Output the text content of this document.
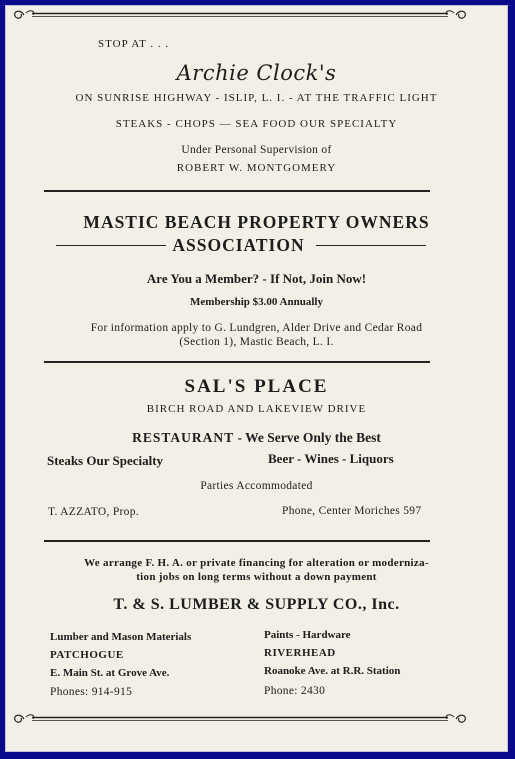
STOP AT . . .
Archie Clock's
ON SUNRISE HIGHWAY - ISLIP, L. I. - AT THE TRAFFIC LIGHT
STEAKS - CHOPS — SEA FOOD OUR SPECIALTY
Under Personal Supervision of
ROBERT W. MONTGOMERY
MASTIC BEACH PROPERTY OWNERS
ASSOCIATION
Are You a Member? - If Not, Join Now!
Membership $3.00 Annually
For information apply to G. Lundgren, Alder Drive and Cedar Road
(Section 1), Mastic Beach, L. I.
SAL'S PLACE
BIRCH ROAD AND LAKEVIEW DRIVE
RESTAURANT - We Serve Only the Best
Steaks Our Specialty	Beer - Wines - Liquors
Parties Accommodated
T. AZZATO, Prop.	Phone, Center Moriches 597
We arrange F. H. A. or private financing for alteration or moderniza-
tion jobs on long terms without a down payment
T. & S. LUMBER & SUPPLY CO., Inc.
Lumber and Mason Materials
PATCHOGUE
E. Main St. at Grove Ave.
Phones: 914-915
Paints - Hardware
RIVERHEAD
Roanoke Ave. at R.R. Station
Phone: 2430
